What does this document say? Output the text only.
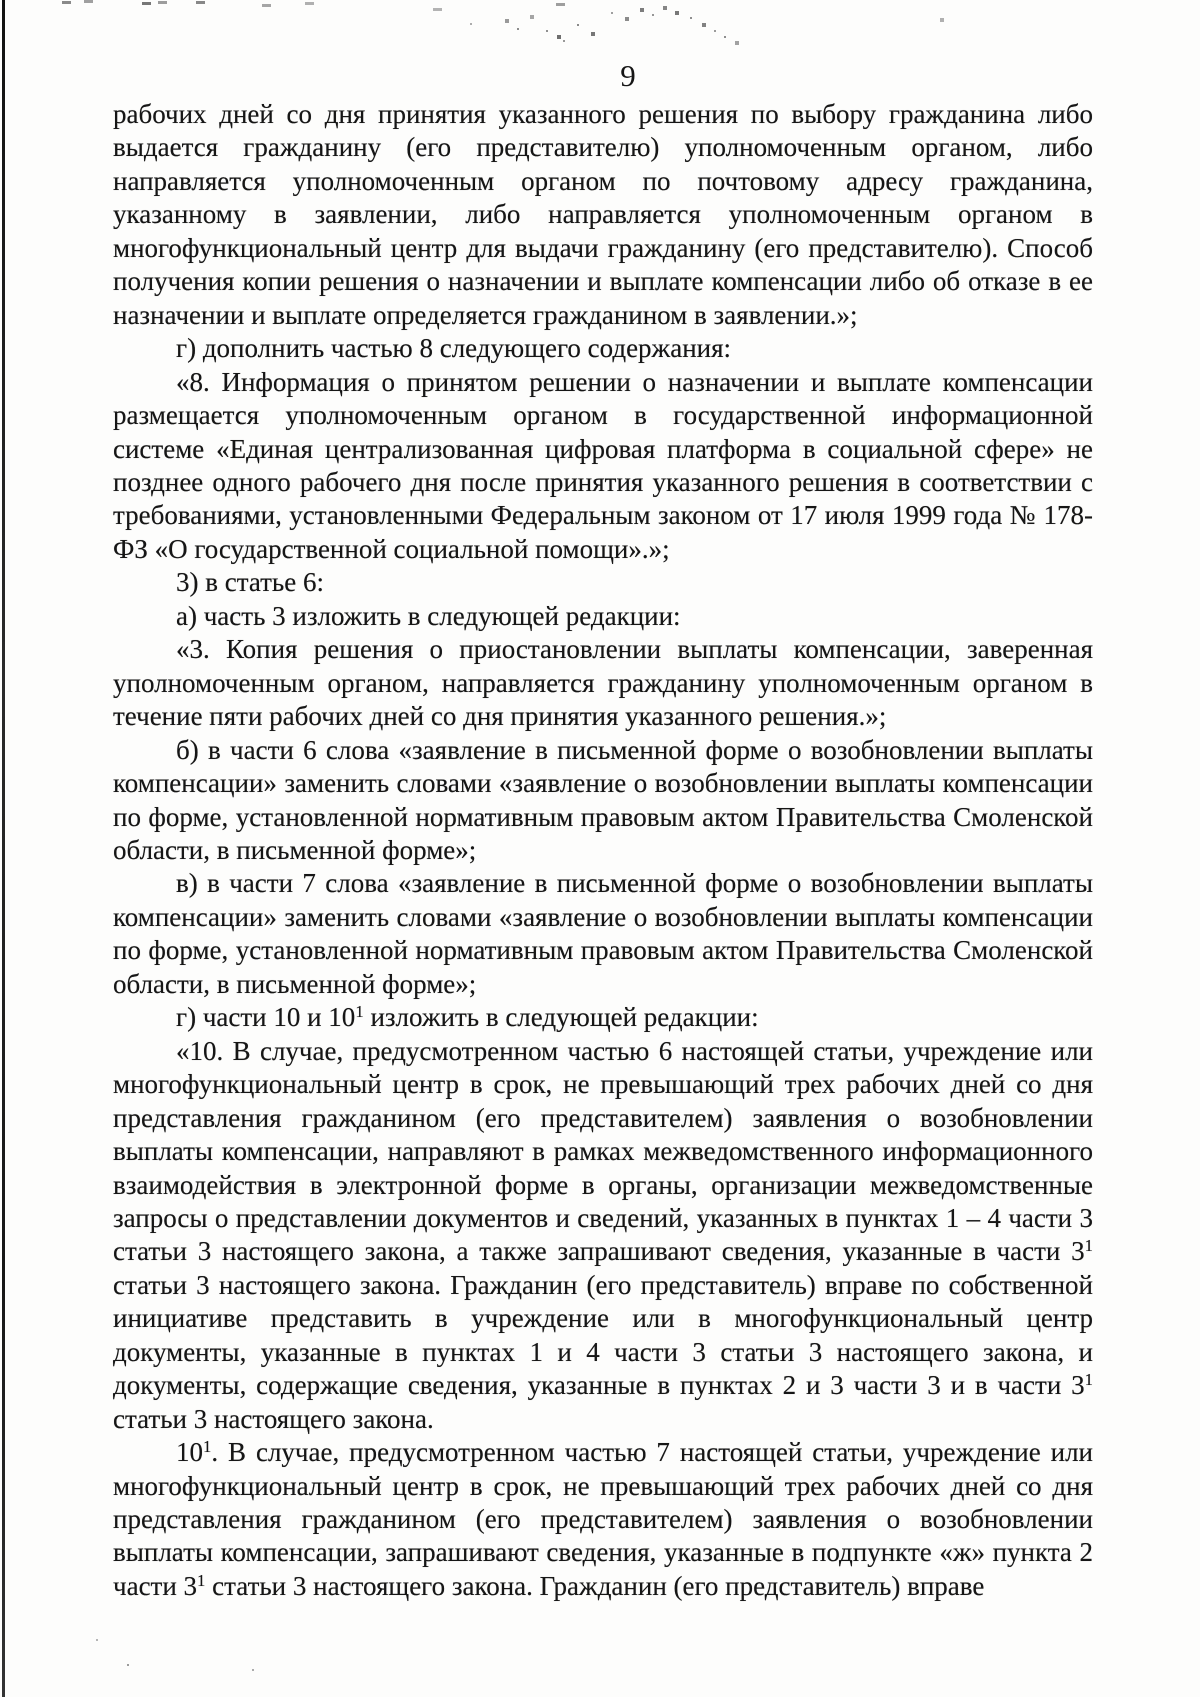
9

рабочих дней со дня принятия указанного решения по выбору гражданина либо выдается гражданину (его представителю) уполномоченным органом, либо направляется уполномоченным органом по почтовому адресу гражданина, указанному в заявлении, либо направляется уполномоченным органом в многофункциональный центр для выдачи гражданину (его представителю). Способ получения копии решения о назначении и выплате компенсации либо об отказе в ее назначении и выплате определяется гражданином в заявлении.»;

г) дополнить частью 8 следующего содержания:

«8. Информация о принятом решении о назначении и выплате компенсации размещается уполномоченным органом в государственной информационной системе «Единая централизованная цифровая платформа в социальной сфере» не позднее одного рабочего дня после принятия указанного решения в соответствии с требованиями, установленными Федеральным законом от 17 июля 1999 года № 178-ФЗ «О государственной социальной помощи».»;

3) в статье 6:

а) часть 3 изложить в следующей редакции:

«3. Копия решения о приостановлении выплаты компенсации, заверенная уполномоченным органом, направляется гражданину уполномоченным органом в течение пяти рабочих дней со дня принятия указанного решения.»;

б) в части 6 слова «заявление в письменной форме о возобновлении выплаты компенсации» заменить словами «заявление о возобновлении выплаты компенсации по форме, установленной нормативным правовым актом Правительства Смоленской области, в письменной форме»;

в) в части 7 слова «заявление в письменной форме о возобновлении выплаты компенсации» заменить словами «заявление о возобновлении выплаты компенсации по форме, установленной нормативным правовым актом Правительства Смоленской области, в письменной форме»;

г) части 10 и $10^1$ изложить в следующей редакции:

«10. В случае, предусмотренном частью 6 настоящей статьи, учреждение или многофункциональный центр в срок, не превышающий трех рабочих дней со дня представления гражданином (его представителем) заявления о возобновлении выплаты компенсации, направляют в рамках межведомственного информационного взаимодействия в электронной форме в органы, организации межведомственные запросы о представлении документов и сведений, указанных в пунктах 1 – 4 части 3 статьи 3 настоящего закона, а также запрашивают сведения, указанные в части $3^1$ статьи 3 настоящего закона. Гражданин (его представитель) вправе по собственной инициативе представить в учреждение или в многофункциональный центр документы, указанные в пунктах 1 и 4 части 3 статьи 3 настоящего закона, и документы, содержащие сведения, указанные в пунктах 2 и 3 части 3 и в части $3^1$ статьи 3 настоящего закона.

$10^1$. В случае, предусмотренном частью 7 настоящей статьи, учреждение или многофункциональный центр в срок, не превышающий трех рабочих дней со дня представления гражданином (его представителем) заявления о возобновлении выплаты компенсации, запрашивают сведения, указанные в подпункте «ж» пункта 2 части $3^1$ статьи 3 настоящего закона. Гражданин (его представитель) вправе
